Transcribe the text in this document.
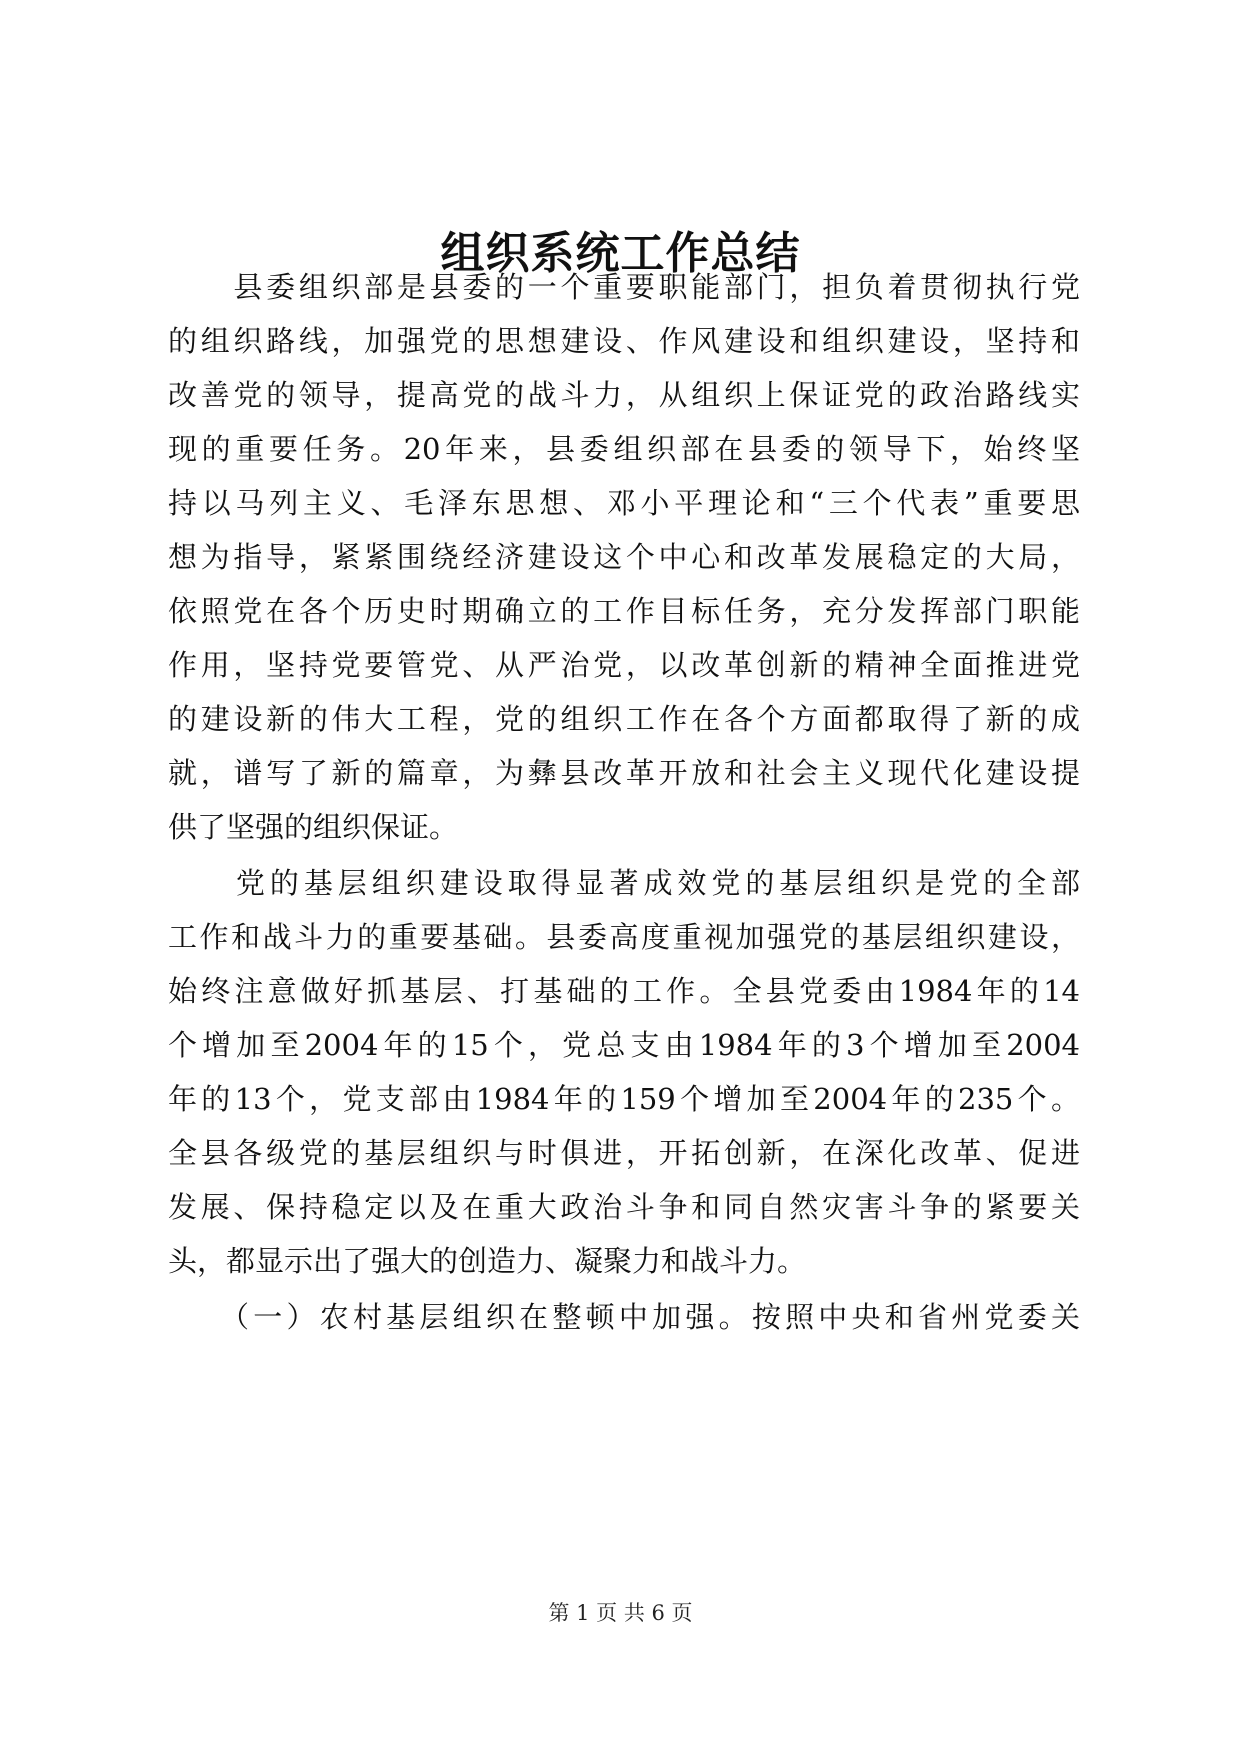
组织系统工作总结
　　县委组织部是县委的一个重要职能部门，担负着贯彻执行党
的组织路线，加强党的思想建设、作风建设和组织建设，坚持和
改善党的领导，提高党的战斗力，从组织上保证党的政治路线实
现的重要任务。20年来，县委组织部在县委的领导下，始终坚
持以马列主义、毛泽东思想、邓小平理论和“三个代表”重要思
想为指导，紧紧围绕经济建设这个中心和改革发展稳定的大局，
依照党在各个历史时期确立的工作目标任务，充分发挥部门职能
作用，坚持党要管党、从严治党，以改革创新的精神全面推进党
的建设新的伟大工程，党的组织工作在各个方面都取得了新的成
就，谱写了新的篇章，为彝县改革开放和社会主义现代化建设提
供了坚强的组织保证。
　　党的基层组织建设取得显著成效党的基层组织是党的全部
工作和战斗力的重要基础。县委高度重视加强党的基层组织建设，
始终注意做好抓基层、打基础的工作。全县党委由1984年的14
个增加至2004年的15个，党总支由1984年的3个增加至2004
年的13个，党支部由1984年的159个增加至2004年的235个。
全县各级党的基层组织与时俱进，开拓创新，在深化改革、促进
发展、保持稳定以及在重大政治斗争和同自然灾害斗争的紧要关
头，都显示出了强大的创造力、凝聚力和战斗力。
　　（一）农村基层组织在整顿中加强。按照中央和省州党委关
第 1 页 共 6 页
